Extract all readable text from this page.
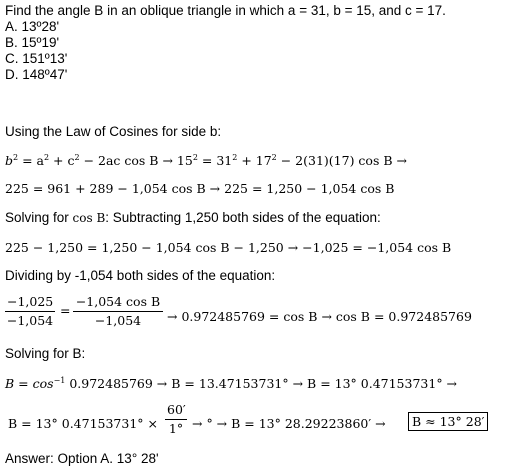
Find the angle B in an oblique triangle in which a = 31, b = 15, and c = 17.
A. 13º28'
B. 15º19'
C. 151º13'
D. 148º47'
Using the Law of Cosines for side b:
$b^2 = a^2 + c^2 - 2ac$ $\cos B \to 15^2 = 31^2 + 17^2 - 2(31)(17)$ cos B →
225 = 961 + 289 − 1,054 cos B → 225 = 1,250 − 1,054 cos B
Solving for cos B: Subtracting 1,250 both sides of the equation:
225 − 1,250 = 1,250 − 1,054 cos B − 1,250 → −1,025 = −1,054 cos B
Dividing by -1,054 both sides of the equation:
$\frac{-1,025}{-1,054} = \frac{\text{−1,054 cos B}}{-1,054} \to 0.972485769 = \cos B \to \cos B = 0.972485769$
Solving for B:
$B = \cos^{-1} 0.972485769 \to B = 13.47153731^\circ \to B = 13^\circ$ 0.47153731° →
B = 13° $0.47153731^\circ \times \frac{60'}{1^\circ}$ → ° → B = 13° 28.29223860′ →	B ≈ 13° 28′
Answer: Option A. 13° 28'
